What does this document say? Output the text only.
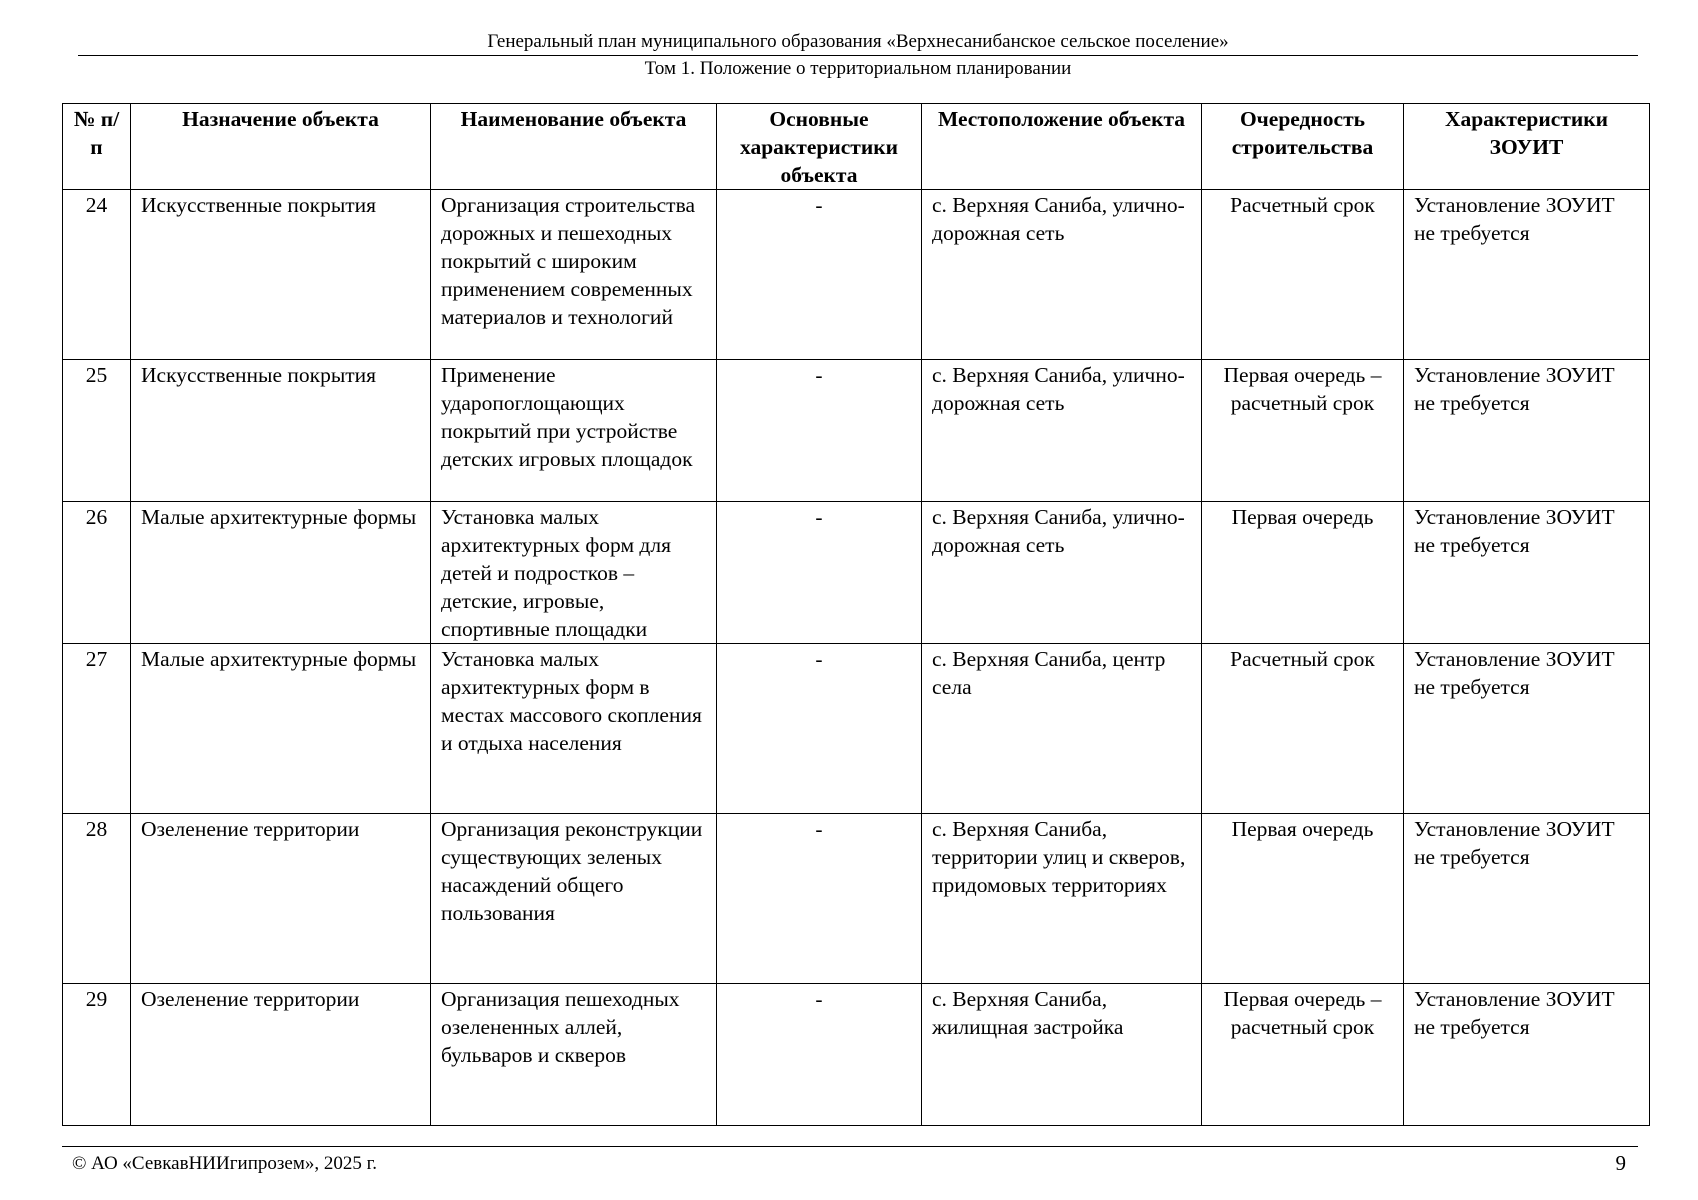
Генеральный план муниципального образования «Верхнесанибанское сельское поселение»
Том 1. Положение о территориальном планировании
№ п/п	Назначение объекта	Наименование объекта	Основные характеристики объекта	Местоположение объекта	Очередность строительства	Характеристики ЗОУИТ
24	Искусственные покрытия	Организация строительства дорожных и пешеходных покрытий с широким применением современных материалов и технологий	-	с. Верхняя Саниба, улично-дорожная сеть	Расчетный срок	Установление ЗОУИТ не требуется
25	Искусственные покрытия	Применение ударопоглощающих покрытий при устройстве детских игровых площадок	-	с. Верхняя Саниба, улично-дорожная сеть	Первая очередь – расчетный срок	Установление ЗОУИТ не требуется
26	Малые архитектурные формы	Установка малых архитектурных форм для детей и подростков – детские, игровые, спортивные площадки	-	с. Верхняя Саниба, улично-дорожная сеть	Первая очередь	Установление ЗОУИТ не требуется
27	Малые архитектурные формы	Установка малых архитектурных форм в местах массового скопления и отдыха населения	-	с. Верхняя Саниба, центр села	Расчетный срок	Установление ЗОУИТ не требуется
28	Озеленение территории	Организация реконструкции существующих зеленых насаждений общего пользования	-	с. Верхняя Саниба, территории улиц и скверов, придомовых территориях	Первая очередь	Установление ЗОУИТ не требуется
29	Озеленение территории	Организация пешеходных озелененных аллей, бульваров и скверов	-	с. Верхняя Саниба, жилищная застройка	Первая очередь – расчетный срок	Установление ЗОУИТ не требуется
© АО «СевкавНИИгипрозем», 2025 г.	9
